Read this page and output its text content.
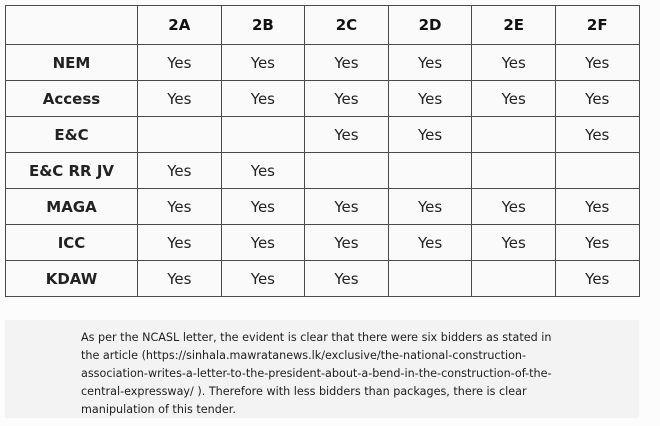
	2A	2B	2C	2D	2E	2F
NEM	Yes	Yes	Yes	Yes	Yes	Yes
Access	Yes	Yes	Yes	Yes	Yes	Yes
E&C			Yes	Yes		Yes
E&C RR JV	Yes	Yes				
MAGA	Yes	Yes	Yes	Yes	Yes	Yes
ICC	Yes	Yes	Yes	Yes	Yes	Yes
KDAW	Yes	Yes	Yes			Yes

As per the NCASL letter, the evident is clear that there were six bidders as stated in the article (https://sinhala.mawratanews.lk/exclusive/the-national-construction-association-writes-a-letter-to-the-president-about-a-bend-in-the-construction-of-the-central-expressway/ ). Therefore with less bidders than packages, there is clear manipulation of this tender.
